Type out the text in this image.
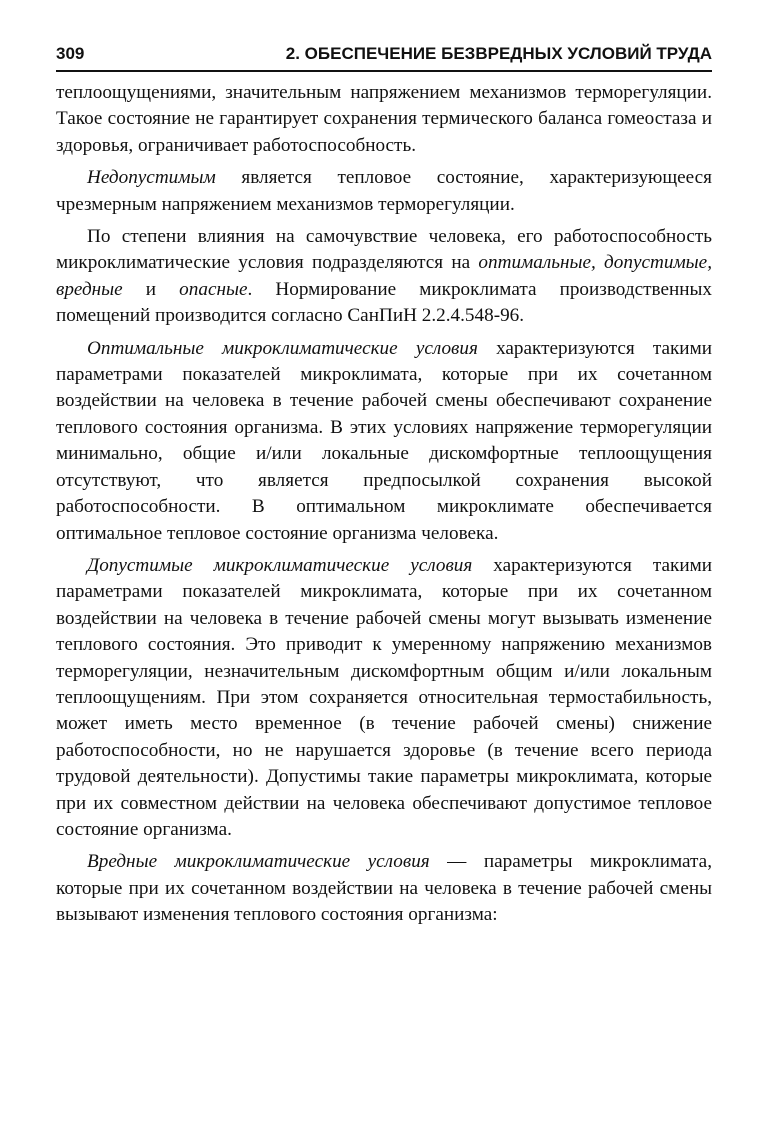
309	2. ОБЕСПЕЧЕНИЕ БЕЗВРЕДНЫХ УСЛОВИЙ ТРУДА

теплоощущениями, значительным напряжением механизмов терморегуляции. Такое состояние не гарантирует сохранения термического баланса гомеостаза и здоровья, ограничивает работоспособность.

Недопустимым является тепловое состояние, характеризующееся чрезмерным напряжением механизмов терморегуляции.

По степени влияния на самочувствие человека, его работоспособность микроклиматические условия подразделяются на оптимальные, допустимые, вредные и опасные. Нормирование микроклимата производственных помещений производится согласно СанПиН 2.2.4.548-96.

Оптимальные микроклиматические условия характеризуются такими параметрами показателей микроклимата, которые при их сочетанном воздействии на человека в течение рабочей смены обеспечивают сохранение теплового состояния организма. В этих условиях напряжение терморегуляции минимально, общие и/или локальные дискомфортные теплоощущения отсутствуют, что является предпосылкой сохранения высокой работоспособности. В оптимальном микроклимате обеспечивается оптимальное тепловое состояние организма человека.

Допустимые микроклиматические условия характеризуются такими параметрами показателей микроклимата, которые при их сочетанном воздействии на человека в течение рабочей смены могут вызывать изменение теплового состояния. Это приводит к умеренному напряжению механизмов терморегуляции, незначительным дискомфортным общим и/или локальным теплоощущениям. При этом сохраняется относительная термостабильность, может иметь место временное (в течение рабочей смены) снижение работоспособности, но не нарушается здоровье (в течение всего периода трудовой деятельности). Допустимы такие параметры микроклимата, которые при их совместном действии на человека обеспечивают допустимое тепловое состояние организма.

Вредные микроклиматические условия — параметры микроклимата, которые при их сочетанном воздействии на человека в течение рабочей смены вызывают изменения теплового состояния организма:
